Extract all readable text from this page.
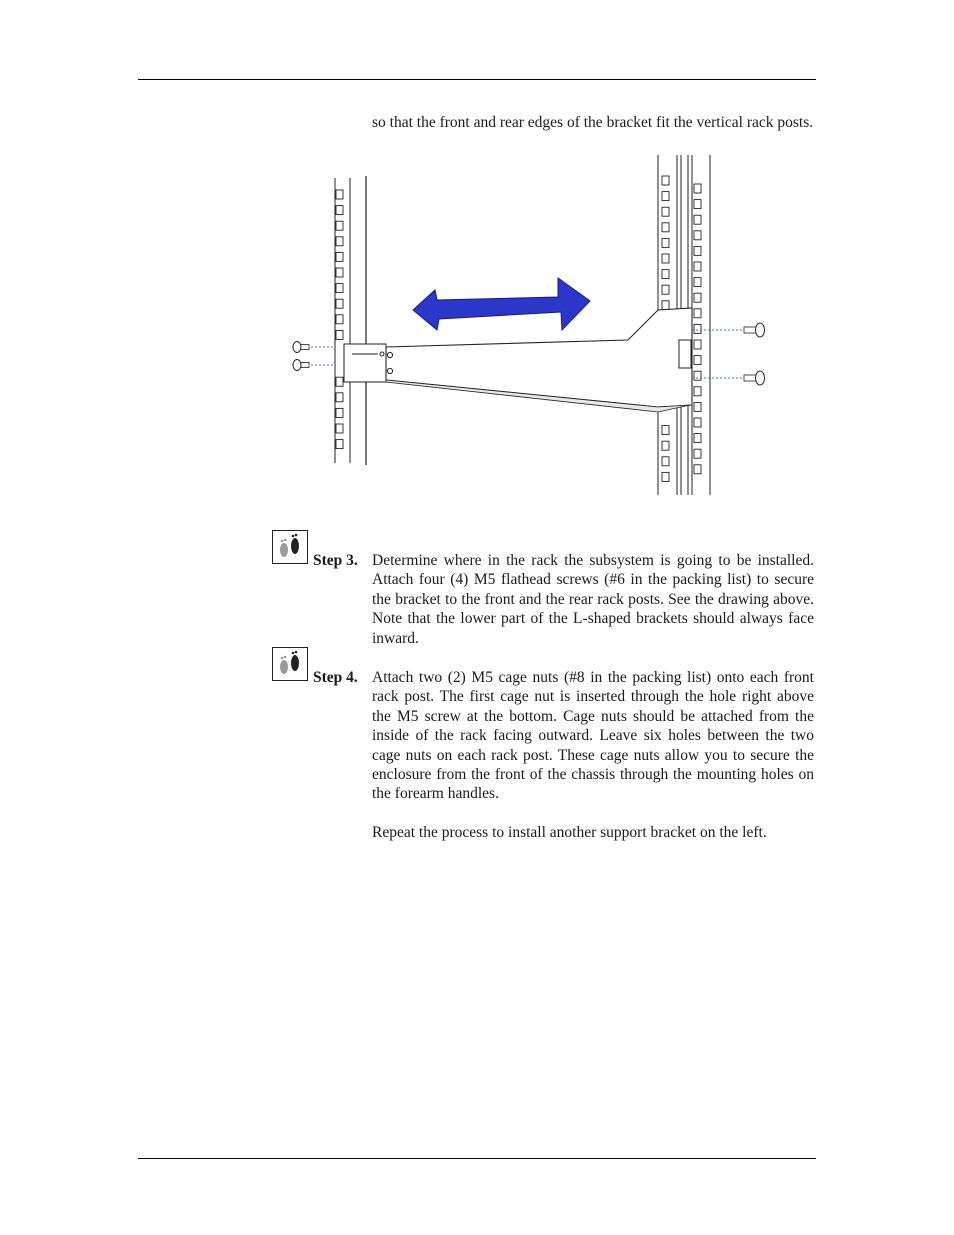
so that the front and rear edges of the bracket fit the vertical rack posts.

Step 3. Determine where in the rack the subsystem is going to be installed. Attach four (4) M5 flathead screws (#6 in the packing list) to secure the bracket to the front and the rear rack posts. See the drawing above. Note that the lower part of the L-shaped brackets should always face inward.

Step 4. Attach two (2) M5 cage nuts (#8 in the packing list) onto each front rack post. The first cage nut is inserted through the hole right above the M5 screw at the bottom. Cage nuts should be attached from the inside of the rack facing outward. Leave six holes between the two cage nuts on each rack post. These cage nuts allow you to secure the enclosure from the front of the chassis through the mounting holes on the forearm handles.

Repeat the process to install another support bracket on the left.
